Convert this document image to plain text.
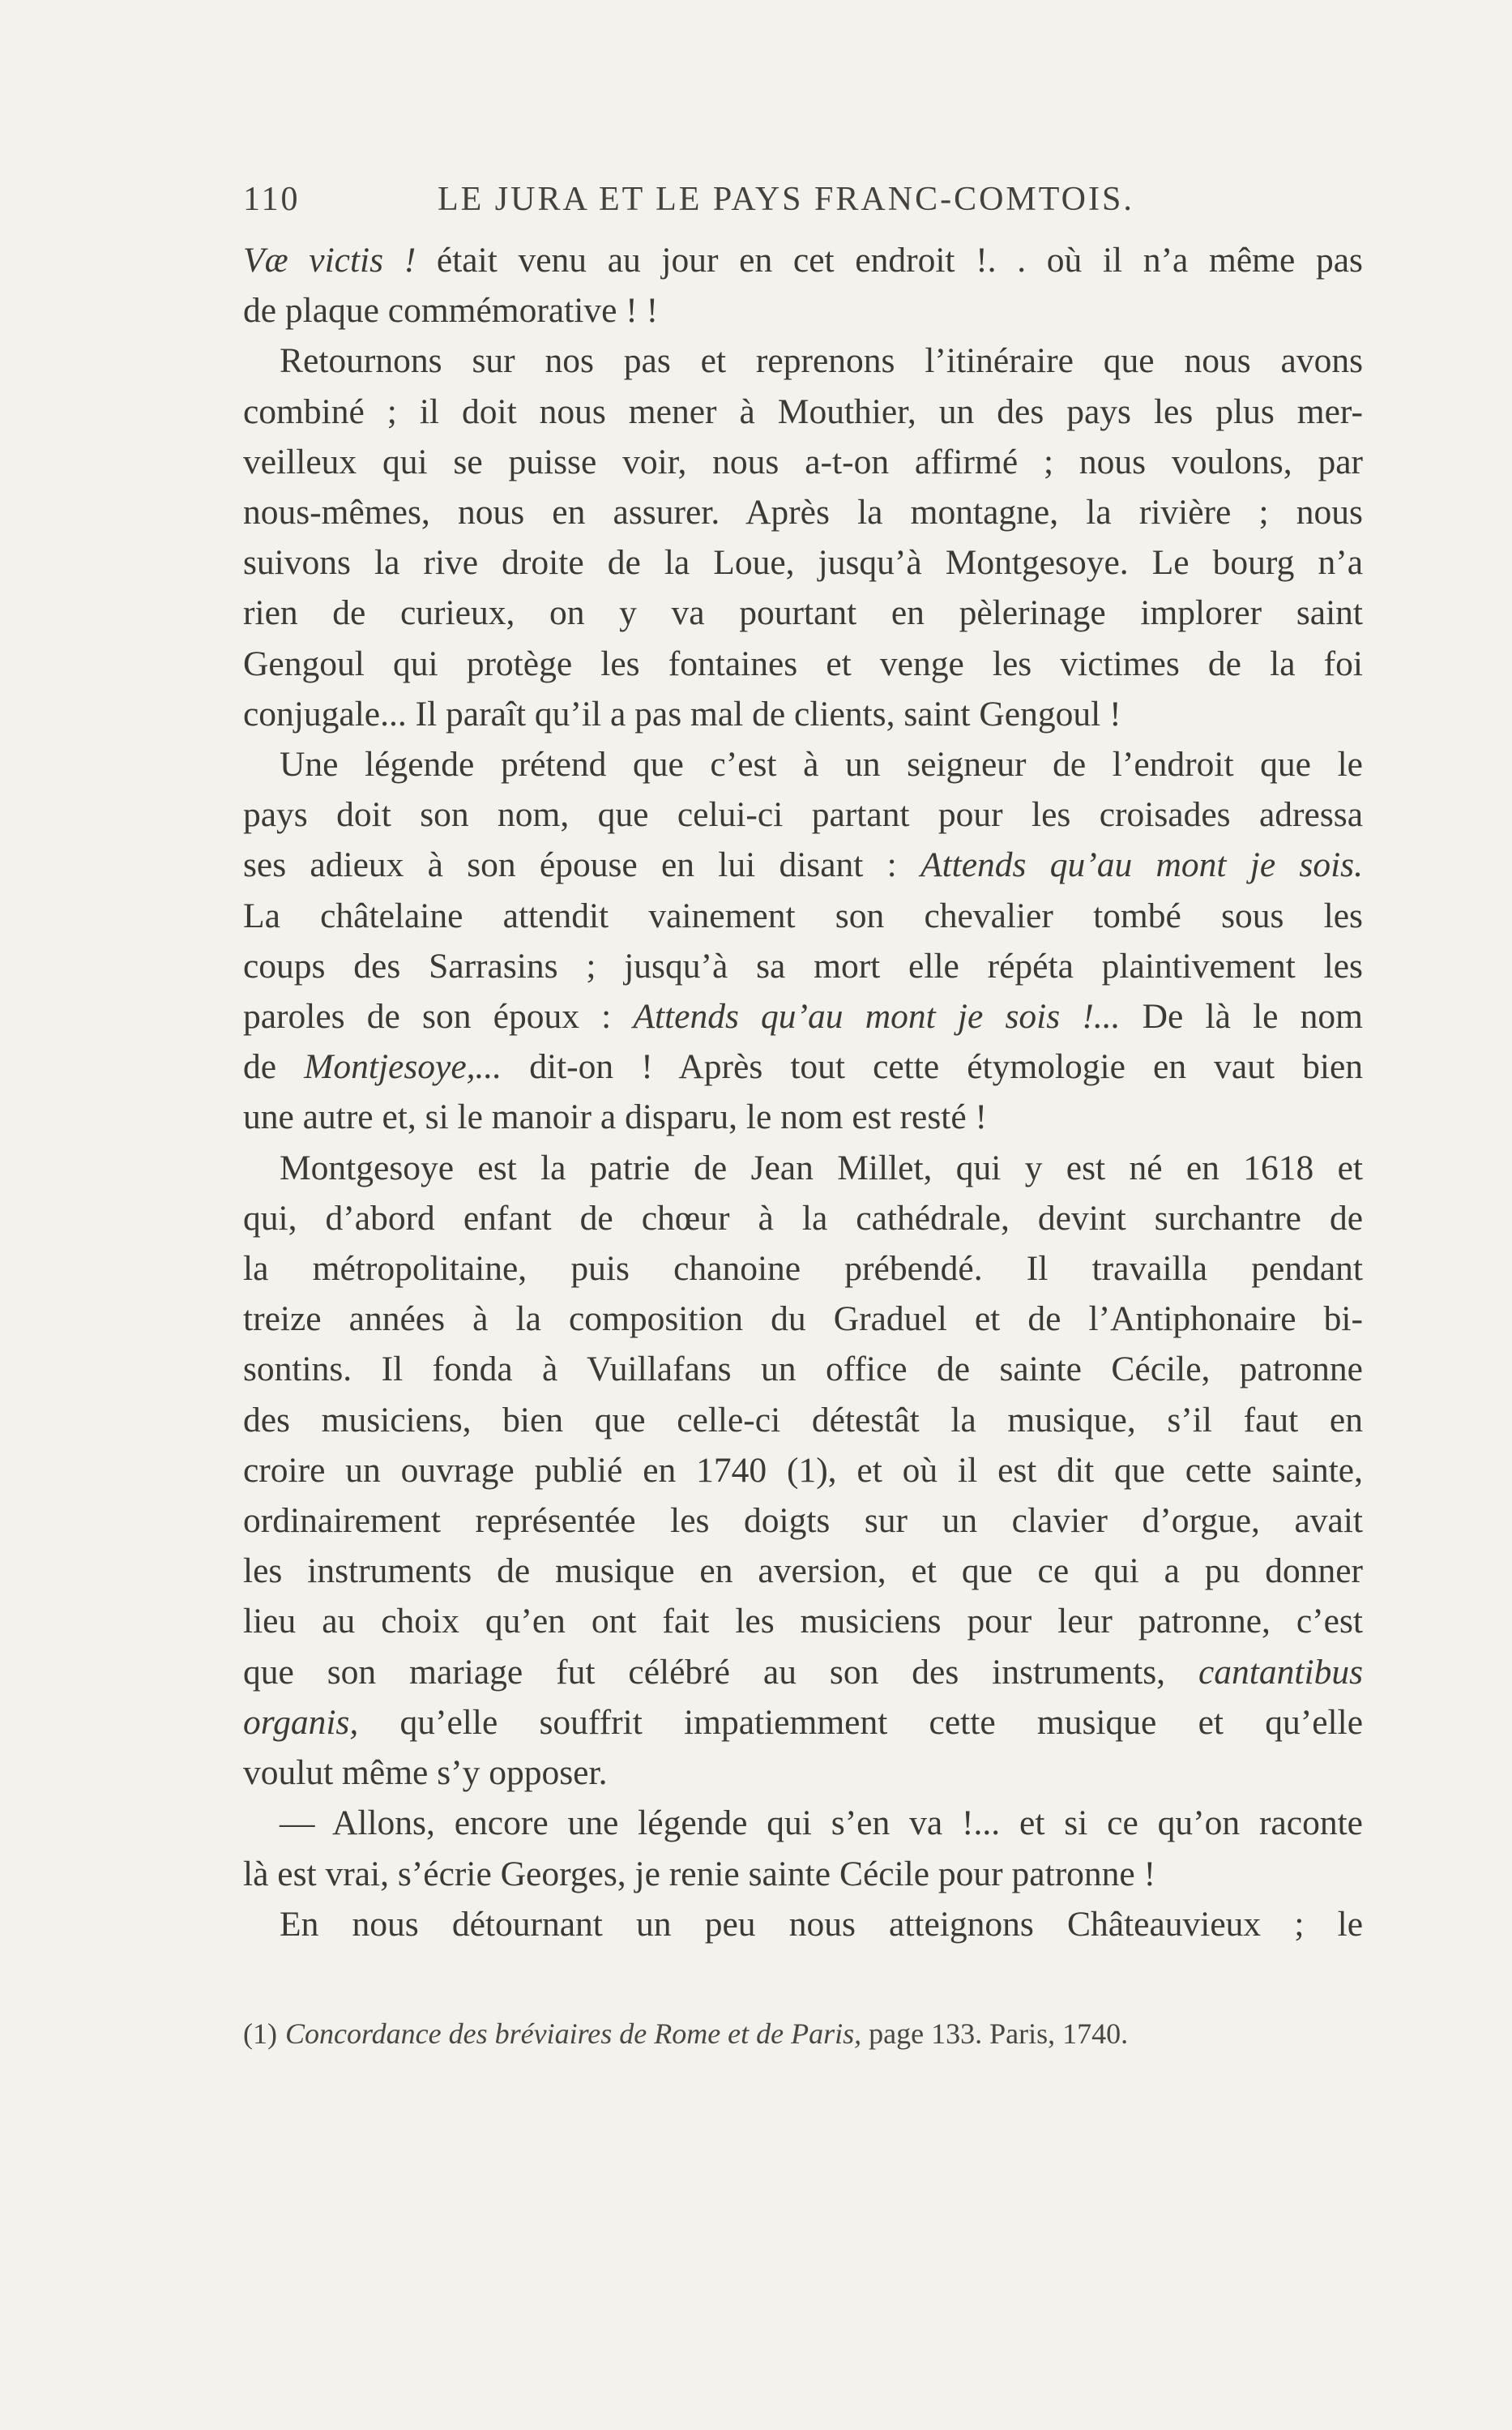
110	LE JURA ET LE PAYS FRANC-COMTOIS.
Væ victis ! était venu au jour en cet endroit !. . où il n’a même pas
de plaque commémorative ! !
Retournons sur nos pas et reprenons l’itinéraire que nous avons
combiné ; il doit nous mener à Mouthier, un des pays les plus mer-
veilleux qui se puisse voir, nous a-t-on affirmé ; nous voulons, par
nous-mêmes, nous en assurer. Après la montagne, la rivière ; nous
suivons la rive droite de la Loue, jusqu’à Montgesoye. Le bourg n’a
rien de curieux, on y va pourtant en pèlerinage implorer saint
Gengoul qui protège les fontaines et venge les victimes de la foi
conjugale... Il paraît qu’il a pas mal de clients, saint Gengoul !
Une légende prétend que c’est à un seigneur de l’endroit que le
pays doit son nom, que celui-ci partant pour les croisades adressa
ses adieux à son épouse en lui disant : Attends qu’au mont je sois.
La châtelaine attendit vainement son chevalier tombé sous les
coups des Sarrasins ; jusqu’à sa mort elle répéta plaintivement les
paroles de son époux : Attends qu’au mont je sois !... De là le nom
de Montjesoye,... dit-on ! Après tout cette étymologie en vaut bien
une autre et, si le manoir a disparu, le nom est resté !
Montgesoye est la patrie de Jean Millet, qui y est né en 1618 et
qui, d’abord enfant de chœur à la cathédrale, devint surchantre de
la métropolitaine, puis chanoine prébendé. Il travailla pendant
treize années à la composition du Graduel et de l’Antiphonaire bi-
sontins. Il fonda à Vuillafans un office de sainte Cécile, patronne
des musiciens, bien que celle-ci détestât la musique, s’il faut en
croire un ouvrage publié en 1740 (1), et où il est dit que cette sainte,
ordinairement représentée les doigts sur un clavier d’orgue, avait
les instruments de musique en aversion, et que ce qui a pu donner
lieu au choix qu’en ont fait les musiciens pour leur patronne, c’est
que son mariage fut célébré au son des instruments, cantantibus
organis, qu’elle souffrit impatiemment cette musique et qu’elle
voulut même s’y opposer.
— Allons, encore une légende qui s’en va !... et si ce qu’on raconte
là est vrai, s’écrie Georges, je renie sainte Cécile pour patronne !
En nous détournant un peu nous atteignons Châteauvieux ; le
(1) Concordance des bréviaires de Rome et de Paris, page 133. Paris, 1740.
